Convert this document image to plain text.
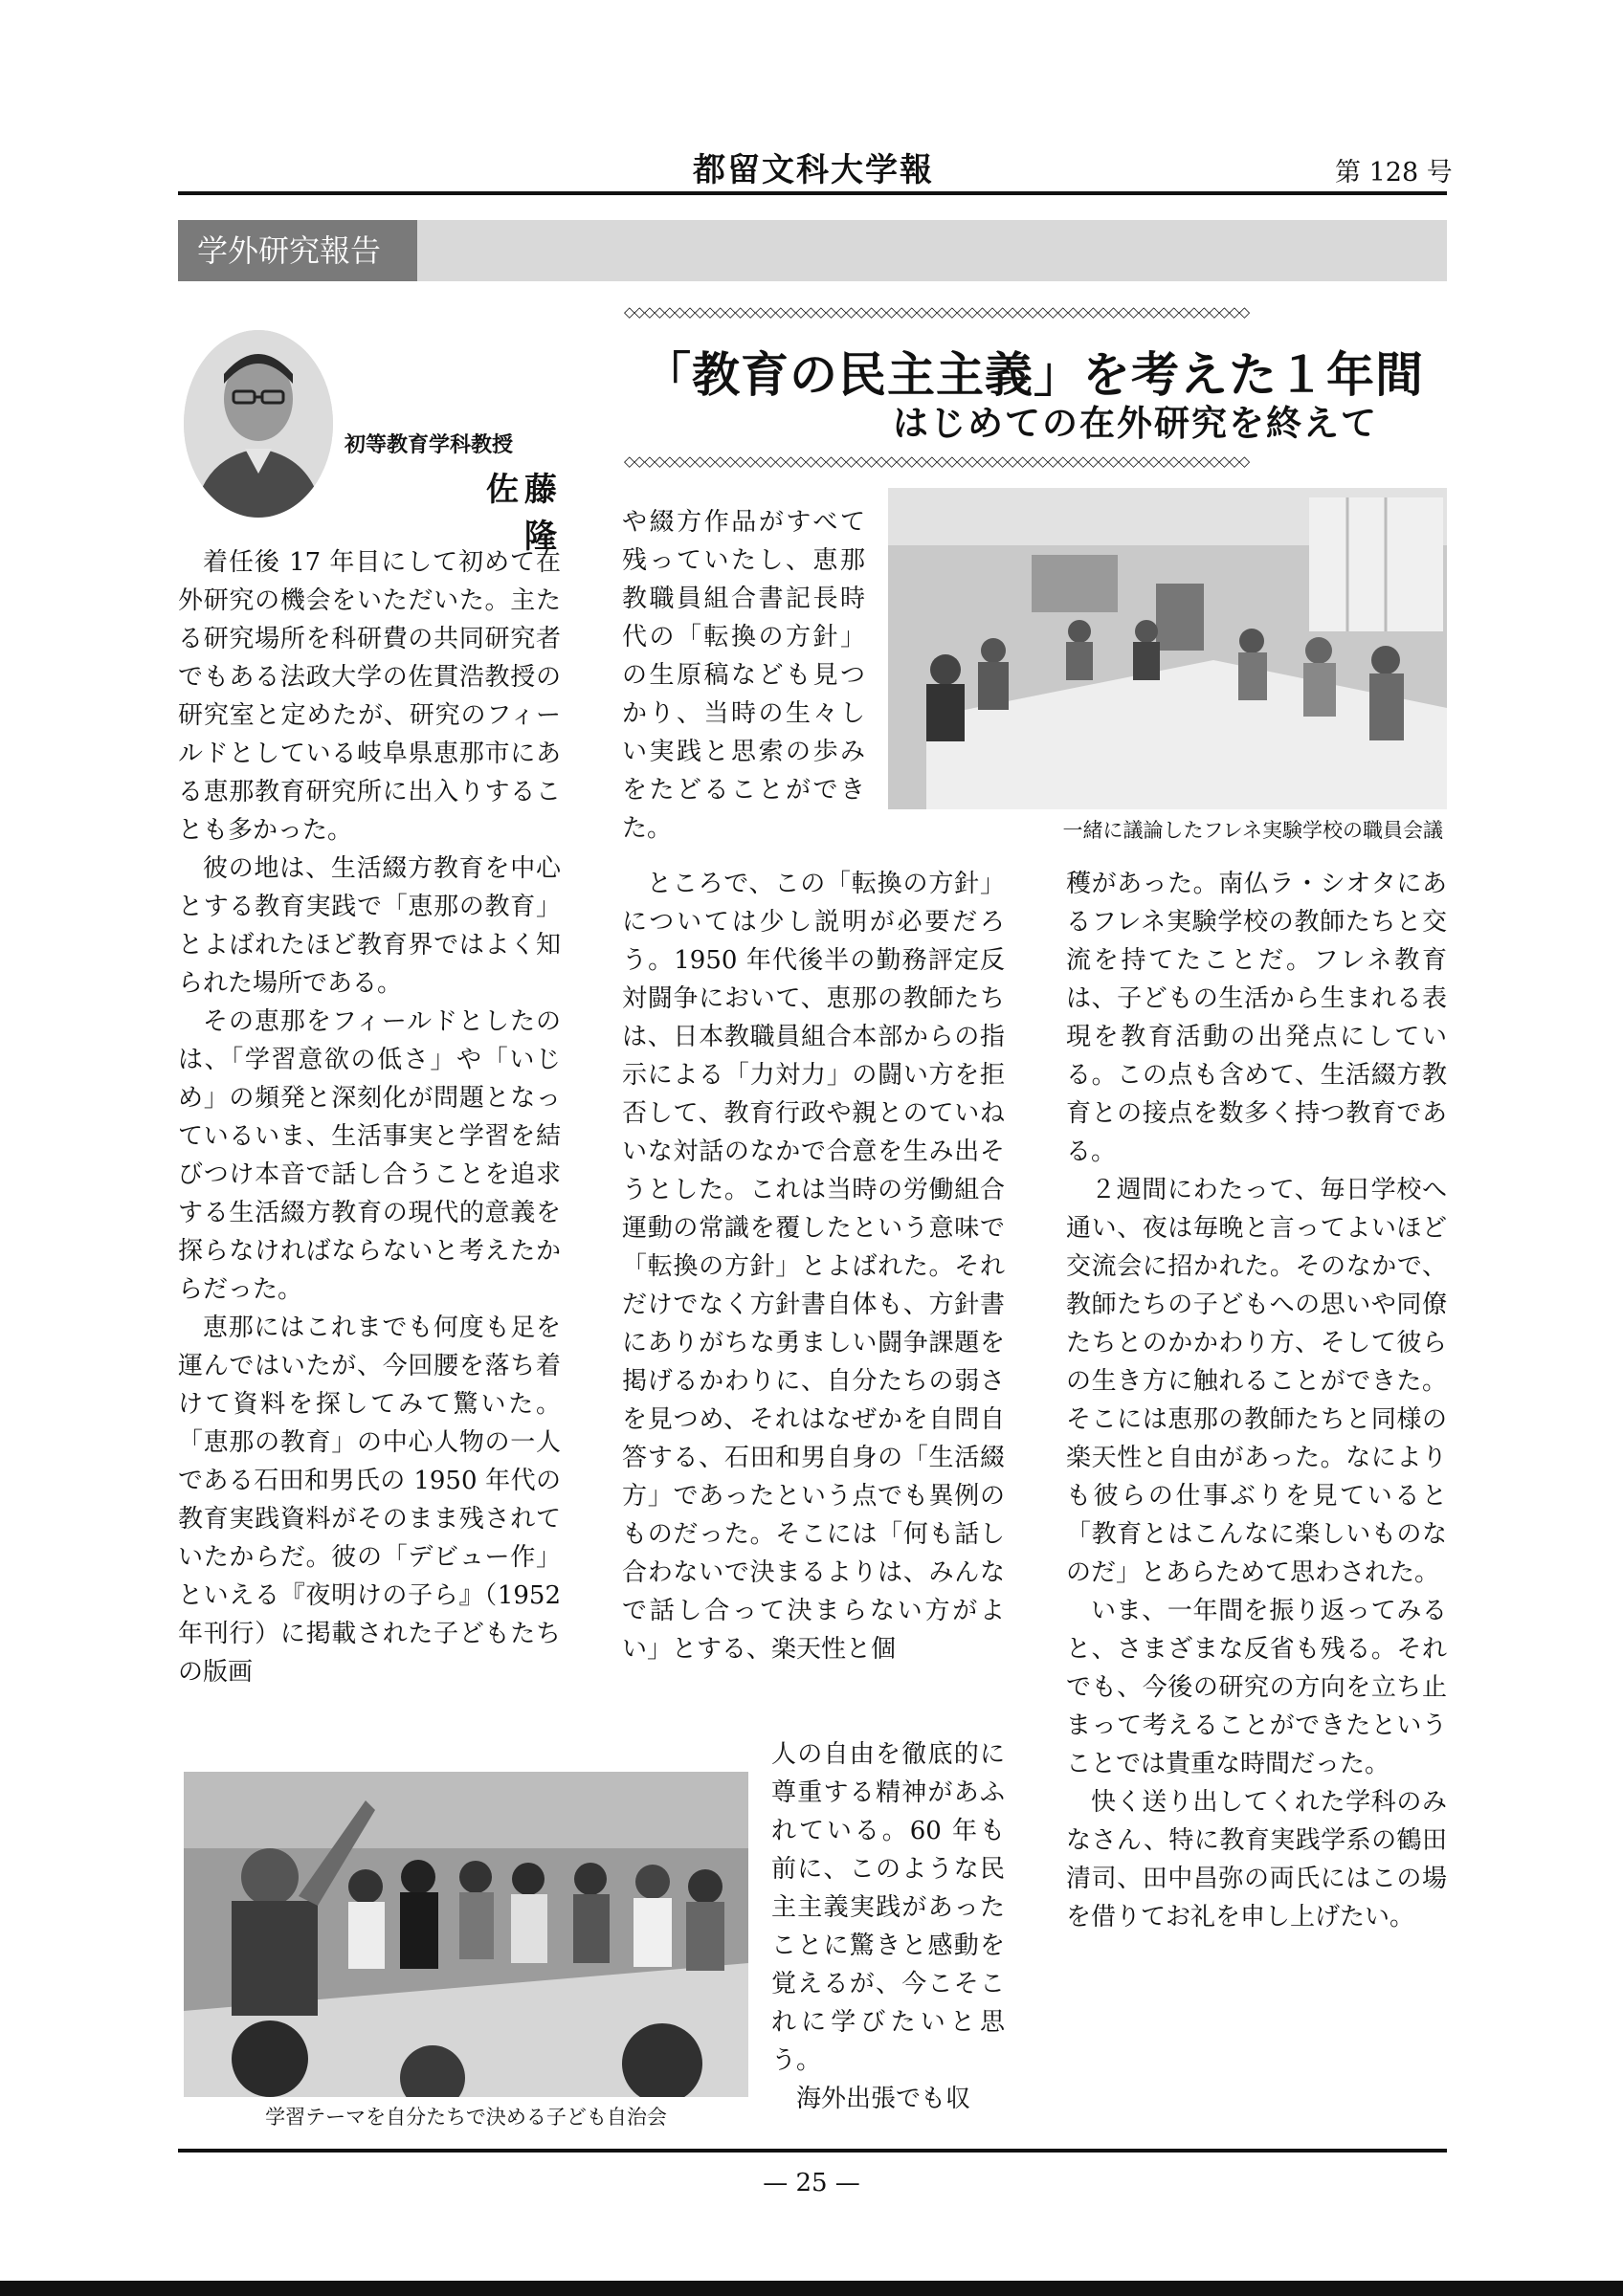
都留文科大学報	第 128 号
学外研究報告
◇◇◇◇◇◇◇◇◇◇◇◇◇◇◇◇◇◇◇◇◇◇◇◇◇◇◇◇◇◇◇◇◇◇◇◇◇◇◇◇◇◇◇◇◇◇◇◇◇◇◇◇◇◇◇◇◇◇◇◇◇◇
「教育の民主主義」を考えた１年間
はじめての在外研究を終えて
◇◇◇◇◇◇◇◇◇◇◇◇◇◇◇◇◇◇◇◇◇◇◇◇◇◇◇◇◇◇◇◇◇◇◇◇◇◇◇◇◇◇◇◇◇◇◇◇◇◇◇◇◇◇◇◇◇◇◇◇◇◇
初等教育学科教授
佐藤　隆

着任後 17 年目にして初めて在外研究の機会をいただいた。主たる研究場所を科研費の共同研究者でもある法政大学の佐貫浩教授の研究室と定めたが、研究のフィールドとしている岐阜県恵那市にある恵那教育研究所に出入りすることも多かった。

彼の地は、生活綴方教育を中心とする教育実践で「恵那の教育」とよばれたほど教育界ではよく知られた場所である。

その恵那をフィールドとしたのは、「学習意欲の低さ」や「いじめ」の頻発と深刻化が問題となっているいま、生活事実と学習を結びつけ本音で話し合うことを追求する生活綴方教育の現代的意義を探らなければならないと考えたからだった。

恵那にはこれまでも何度も足を運んではいたが、今回腰を落ち着けて資料を探してみて驚いた。「恵那の教育」の中心人物の一人である石田和男氏の 1950 年代の教育実践資料がそのまま残されていたからだ。彼の「デビュー作」といえる『夜明けの子ら』（1952 年刊行）に掲載された子どもたちの版画

や綴方作品がすべて残っていたし、恵那教職員組合書記長時代の「転換の方針」の生原稿なども見つかり、当時の生々しい実践と思索の歩みをたどることができた。	一緒に議論したフレネ実験学校の職員会議

ところで、この「転換の方針」については少し説明が必要だろう。1950 年代後半の勤務評定反対闘争において、恵那の教師たちは、日本教職員組合本部からの指示による「力対力」の闘い方を拒否して、教育行政や親とのていねいな対話のなかで合意を生み出そうとした。これは当時の労働組合運動の常識を覆したという意味で「転換の方針」とよばれた。それだけでなく方針書自体も、方針書にありがちな勇ましい闘争課題を掲げるかわりに、自分たちの弱さを見つめ、それはなぜかを自問自答する、石田和男自身の「生活綴方」であったという点でも異例のものだった。そこには「何も話し合わないで決まるよりは、みんなで話し合って決まらない方がよい」とする、楽天性と個

人の自由を徹底的に尊重する精神があふれている。60 年も前に、このような民主主義実践があったことに驚きと感動を覚えるが、今こそこれに学びたいと思う。

海外出張でも収

学習テーマを自分たちで決める子ども自治会

穫があった。南仏ラ・シオタにあるフレネ実験学校の教師たちと交流を持てたことだ。フレネ教育は、子どもの生活から生まれる表現を教育活動の出発点にしている。この点も含めて、生活綴方教育との接点を数多く持つ教育である。

２週間にわたって、毎日学校へ通い、夜は毎晩と言ってよいほど交流会に招かれた。そのなかで、教師たちの子どもへの思いや同僚たちとのかかわり方、そして彼らの生き方に触れることができた。そこには恵那の教師たちと同様の楽天性と自由があった。なによりも彼らの仕事ぶりを見ていると「教育とはこんなに楽しいものなのだ」とあらためて思わされた。

いま、一年間を振り返ってみると、さまざまな反省も残る。それでも、今後の研究の方向を立ち止まって考えることができたということでは貴重な時間だった。

快く送り出してくれた学科のみなさん、特に教育実践学系の鶴田清司、田中昌弥の両氏にはこの場を借りてお礼を申し上げたい。

— 25 —
